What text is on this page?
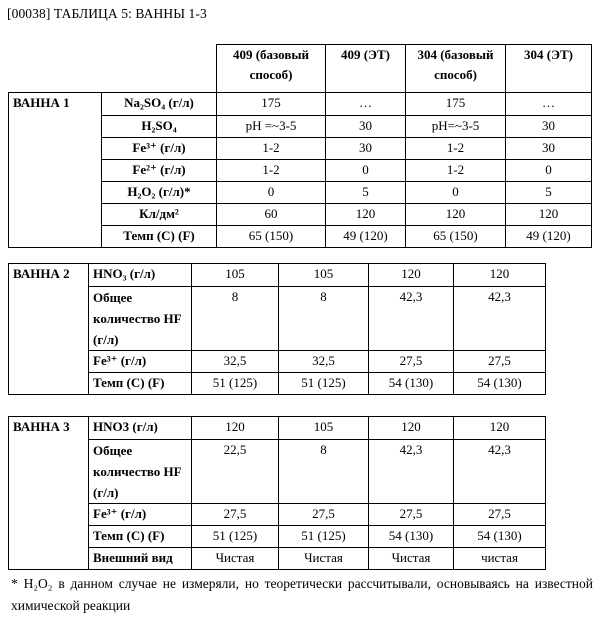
[00038] ТАБЛИЦА 5: ВАННЫ 1-3
		409 (базовый способ)	409 (ЭТ)	304 (базовый способ)	304 (ЭТ)
ВАННА 1	Na₂SO₄ (г/л)	175	…	175	…
	H₂SO₄	pH =~3-5	30	pH=~3-5	30
	Fe³⁺ (г/л)	1-2	30	1-2	30
	Fe²⁺ (г/л)	1-2	0	1-2	0
	H₂O₂ (г/л)*	0	5	0	5
	Кл/дм²	60	120	120	120
	Темп (С) (F)	65 (150)	49 (120)	65 (150)	49 (120)
ВАННА 2	HNO₃ (г/л)	105	105	120	120
	Общее количество HF (г/л)	8	8	42,3	42,3
	Fe³⁺ (г/л)	32,5	32,5	27,5	27,5
	Темп (С) (F)	51 (125)	51 (125)	54 (130)	54 (130)
ВАННА 3	HNO3 (г/л)	120	105	120	120
	Общее количество HF (г/л)	22,5	8	42,3	42,3
	Fe³⁺ (г/л)	27,5	27,5	27,5	27,5
	Темп (С) (F)	51 (125)	51 (125)	54 (130)	54 (130)
	Внешний вид	Чистая	Чистая	Чистая	чистая
* H₂O₂ в данном случае не измеряли, но теоретически рассчитывали, основываясь на известной химической реакции
